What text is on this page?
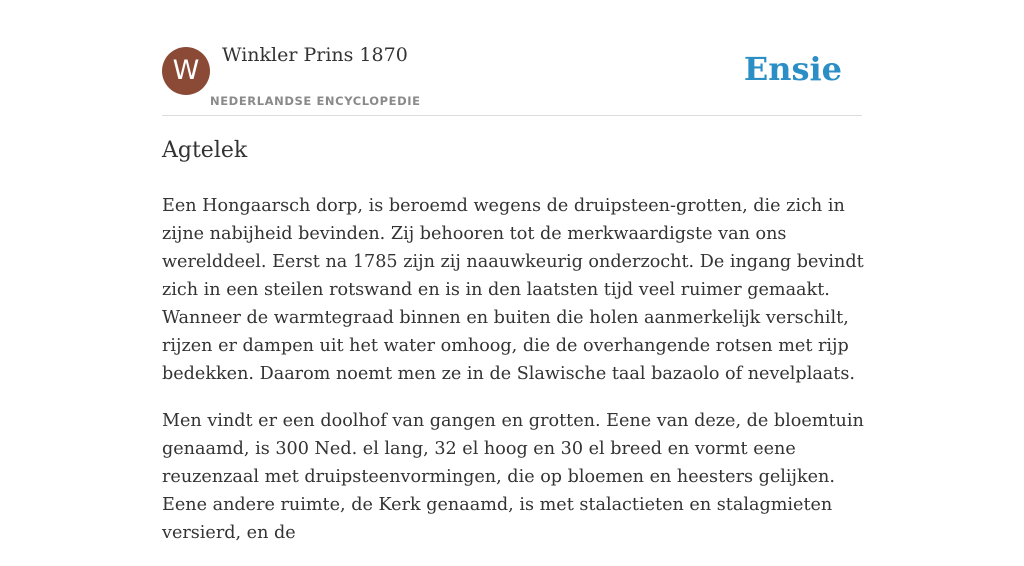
W	Winkler Prins 1870
NEDERLANDSE ENCYCLOPEDIE
Ensie
Agtelek

Een Hongaarsch dorp, is beroemd wegens de druipsteen-grotten, die zich in zijne nabijheid bevinden. Zij behooren tot de merkwaardigste van ons werelddeel. Eerst na 1785 zijn zij naauwkeurig onderzocht. De ingang bevindt zich in een steilen rotswand en is in den laatsten tijd veel ruimer gemaakt. Wanneer de warmtegraad binnen en buiten die holen aanmerkelijk verschilt, rijzen er dampen uit het water omhoog, die de overhangende rotsen met rijp bedekken. Daarom noemt men ze in de Slawische taal bazaolo of nevelplaats.

Men vindt er een doolhof van gangen en grotten. Eene van deze, de bloemtuin genaamd, is 300 Ned. el lang, 32 el hoog en 30 el breed en vormt eene reuzenzaal met druipsteenvormingen, die op bloemen en heesters gelijken. Eene andere ruimte, de Kerk genaamd, is met stalactieten en stalagmieten versierd, en de
